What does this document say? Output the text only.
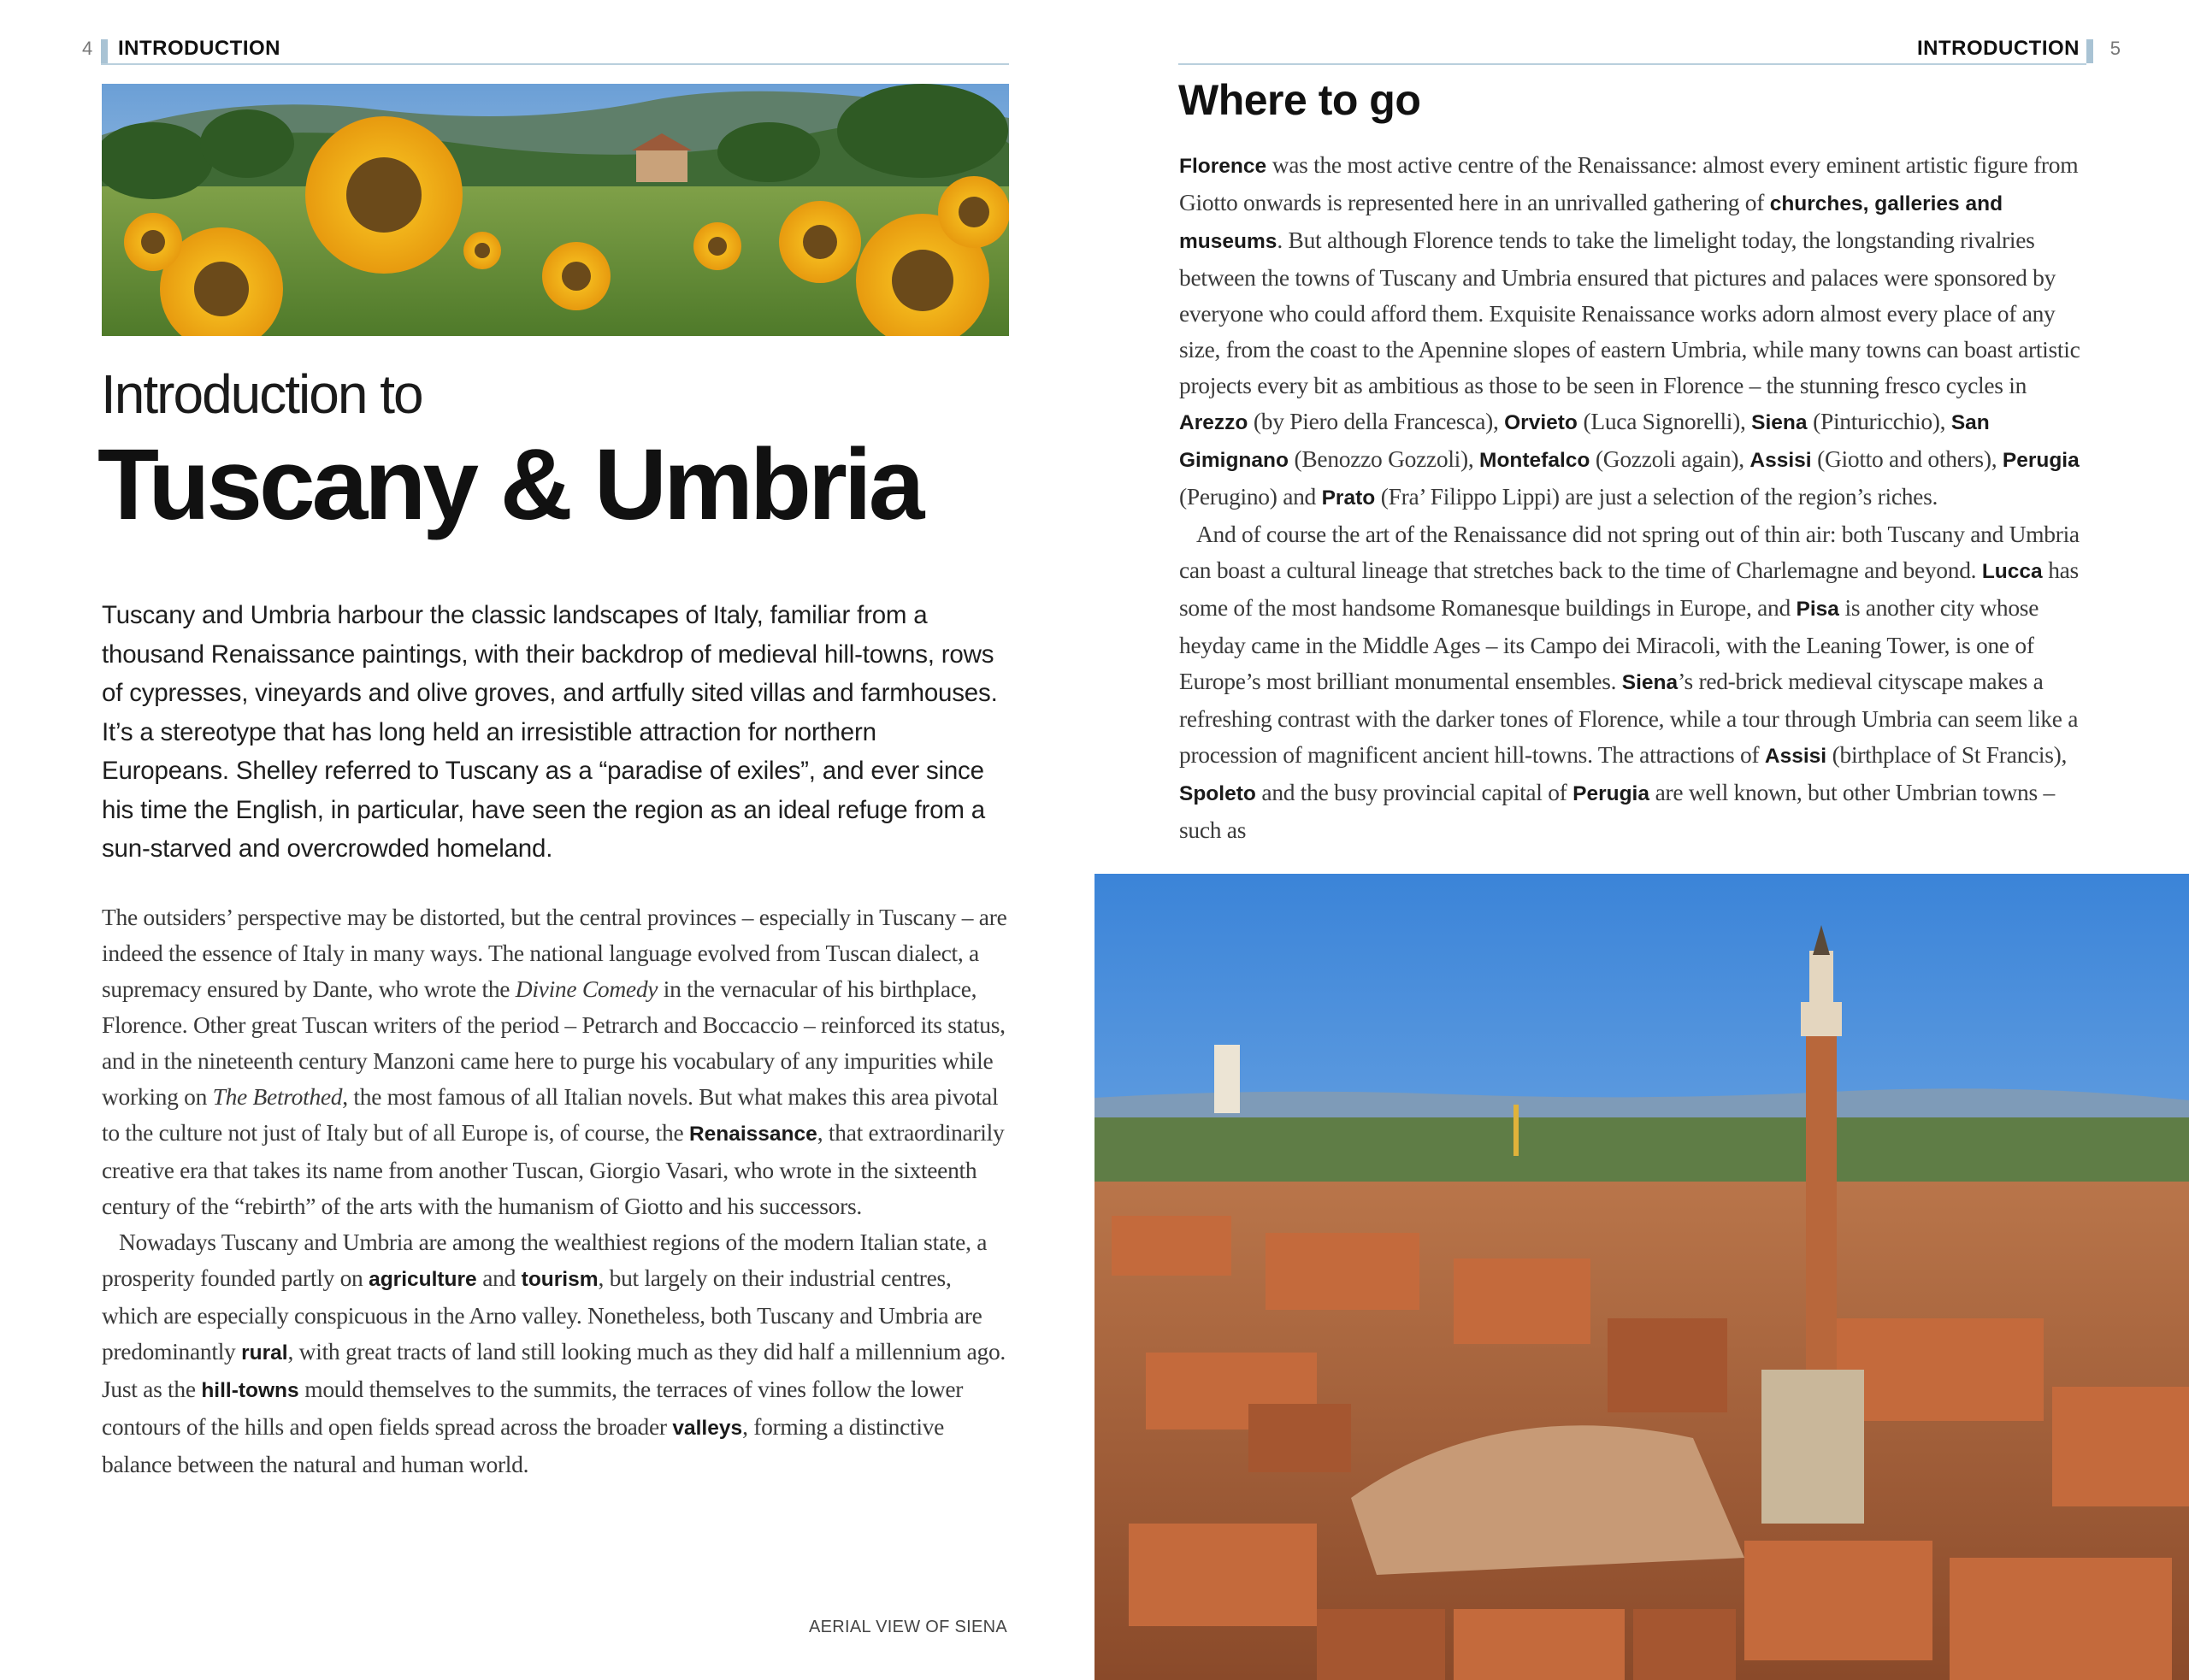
4 INTRODUCTION
Introduction to
Tuscany & Umbria

Tuscany and Umbria harbour the classic landscapes of Italy, familiar from a thousand Renaissance paintings, with their backdrop of medieval hill-towns, rows of cypresses, vineyards and olive groves, and artfully sited villas and farmhouses. It’s a stereotype that has long held an irresistible attraction for northern Europeans. Shelley referred to Tuscany as a “paradise of exiles”, and ever since his time the English, in particular, have seen the region as an ideal refuge from a sun-starved and overcrowded homeland.

The outsiders’ perspective may be distorted, but the central provinces – especially in Tuscany – are indeed the essence of Italy in many ways. The national language evolved from Tuscan dialect, a supremacy ensured by Dante, who wrote the Divine Comedy in the vernacular of his birthplace, Florence. Other great Tuscan writers of the period – Petrarch and Boccaccio – reinforced its status, and in the nineteenth century Manzoni came here to purge his vocabulary of any impurities while working on The Betrothed, the most famous of all Italian novels. But what makes this area pivotal to the culture not just of Italy but of all Europe is, of course, the Renaissance, that extraordinarily creative era that takes its name from another Tuscan, Giorgio Vasari, who wrote in the sixteenth century of the “rebirth” of the arts with the humanism of Giotto and his successors.

Nowadays Tuscany and Umbria are among the wealthiest regions of the modern Italian state, a prosperity founded partly on agriculture and tourism, but largely on their industrial centres, which are especially conspicuous in the Arno valley. Nonetheless, both Tuscany and Umbria are predominantly rural, with great tracts of land still looking much as they did half a millennium ago. Just as the hill-towns mould themselves to the summits, the terraces of vines follow the lower contours of the hills and open fields spread across the broader valleys, forming a distinctive balance between the natural and human world.

AERIAL VIEW OF SIENA
INTRODUCTION 5
Where to go

Florence was the most active centre of the Renaissance: almost every eminent artistic figure from Giotto onwards is represented here in an unrivalled gathering of churches, galleries and museums. But although Florence tends to take the limelight today, the longstanding rivalries between the towns of Tuscany and Umbria ensured that pictures and palaces were sponsored by everyone who could afford them. Exquisite Renaissance works adorn almost every place of any size, from the coast to the Apennine slopes of eastern Umbria, while many towns can boast artistic projects every bit as ambitious as those to be seen in Florence – the stunning fresco cycles in Arezzo (by Piero della Francesca), Orvieto (Luca Signorelli), Siena (Pinturicchio), San Gimignano (Benozzo Gozzoli), Montefalco (Gozzoli again), Assisi (Giotto and others), Perugia (Perugino) and Prato (Fra’ Filippo Lippi) are just a selection of the region’s riches.

And of course the art of the Renaissance did not spring out of thin air: both Tuscany and Umbria can boast a cultural lineage that stretches back to the time of Charlemagne and beyond. Lucca has some of the most handsome Romanesque buildings in Europe, and Pisa is another city whose heyday came in the Middle Ages – its Campo dei Miracoli, with the Leaning Tower, is one of Europe’s most brilliant monumental ensembles. Siena’s red-brick medieval cityscape makes a refreshing contrast with the darker tones of Florence, while a tour through Umbria can seem like a procession of magnificent ancient hill-towns. The attractions of Assisi (birthplace of St Francis), Spoleto and the busy provincial capital of Perugia are well known, but other Umbrian towns – such as
